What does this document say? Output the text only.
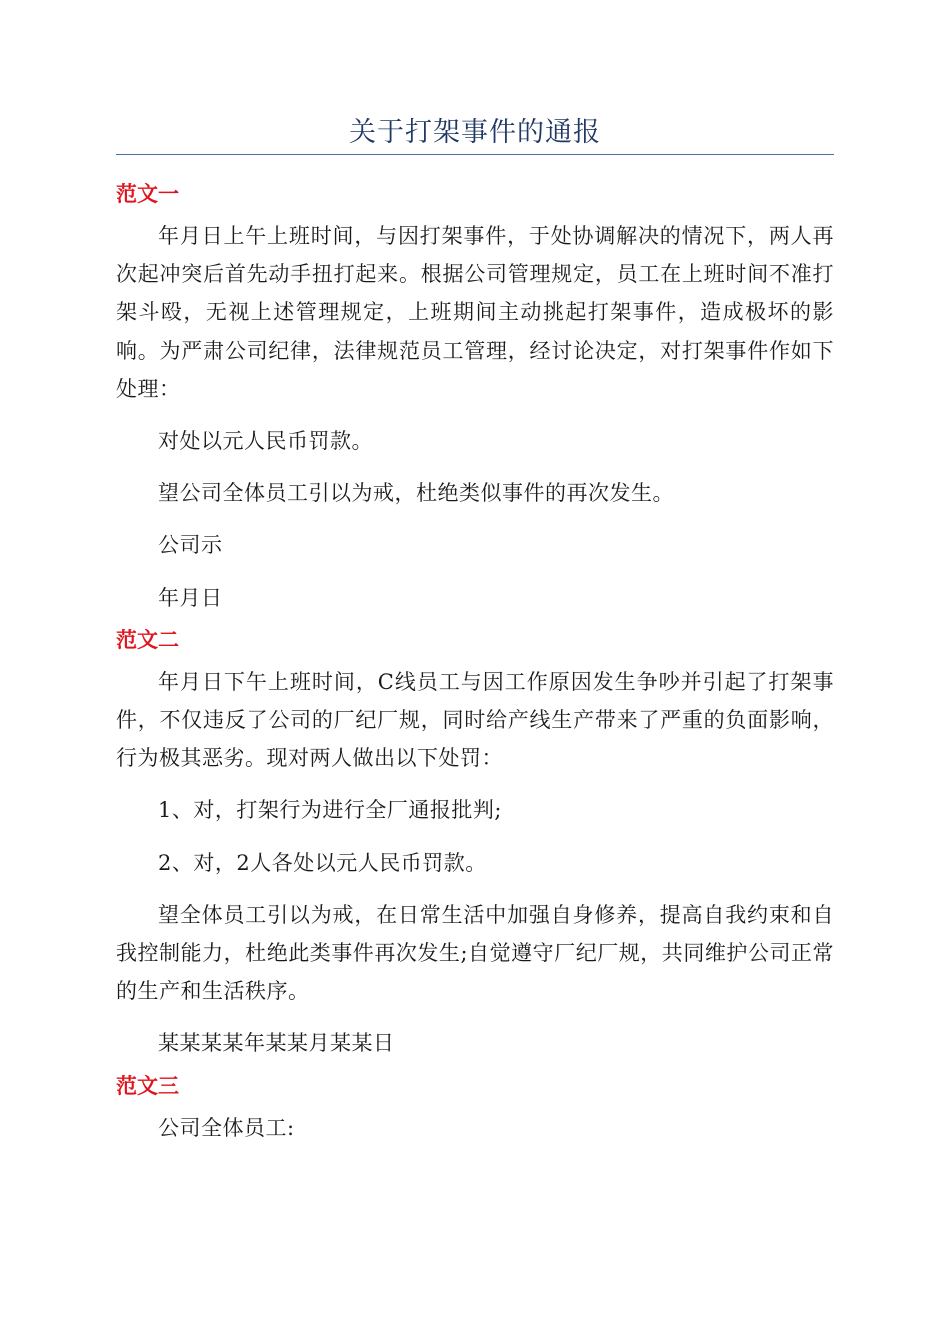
关于打架事件的通报
范文一

年月日上午上班时间，与因打架事件，于处协调解决的情况下，两人再次起冲突后首先动手扭打起来。根据公司管理规定，员工在上班时间不准打架斗殴，无视上述管理规定，上班期间主动挑起打架事件，造成极坏的影响。为严肃公司纪律，法律规范员工管理，经讨论决定，对打架事件作如下处理：

对处以元人民币罚款。

望公司全体员工引以为戒，杜绝类似事件的再次发生。

公司示

年月日

范文二

年月日下午上班时间，C线员工与因工作原因发生争吵并引起了打架事件，不仅违反了公司的厂纪厂规，同时给产线生产带来了严重的负面影响，行为极其恶劣。现对两人做出以下处罚：

1、对，打架行为进行全厂通报批判;

2、对，2人各处以元人民币罚款。

望全体员工引以为戒，在日常生活中加强自身修养，提高自我约束和自我控制能力，杜绝此类事件再次发生;自觉遵守厂纪厂规，共同维护公司正常的生产和生活秩序。

某某某某年某某月某某日

范文三

公司全体员工:
